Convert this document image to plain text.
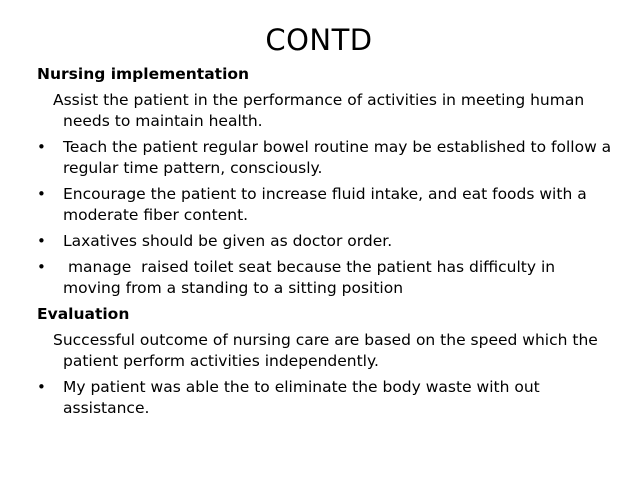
CONTD

Nursing implementation

Assist the patient in the performance of activities in meeting human needs to maintain health.

•	Teach the patient regular bowel routine may be established to follow a regular time pattern, consciously.
•	Encourage the patient to increase fluid intake, and eat foods with a moderate fiber content.
•	Laxatives should be given as doctor order.
•	manage  raised toilet seat because the patient has difficulty in moving from a standing to a sitting position

Evaluation

Successful outcome of nursing care are based on the speed which the patient perform activities independently.

•	My patient was able the to eliminate the body waste with out assistance.
